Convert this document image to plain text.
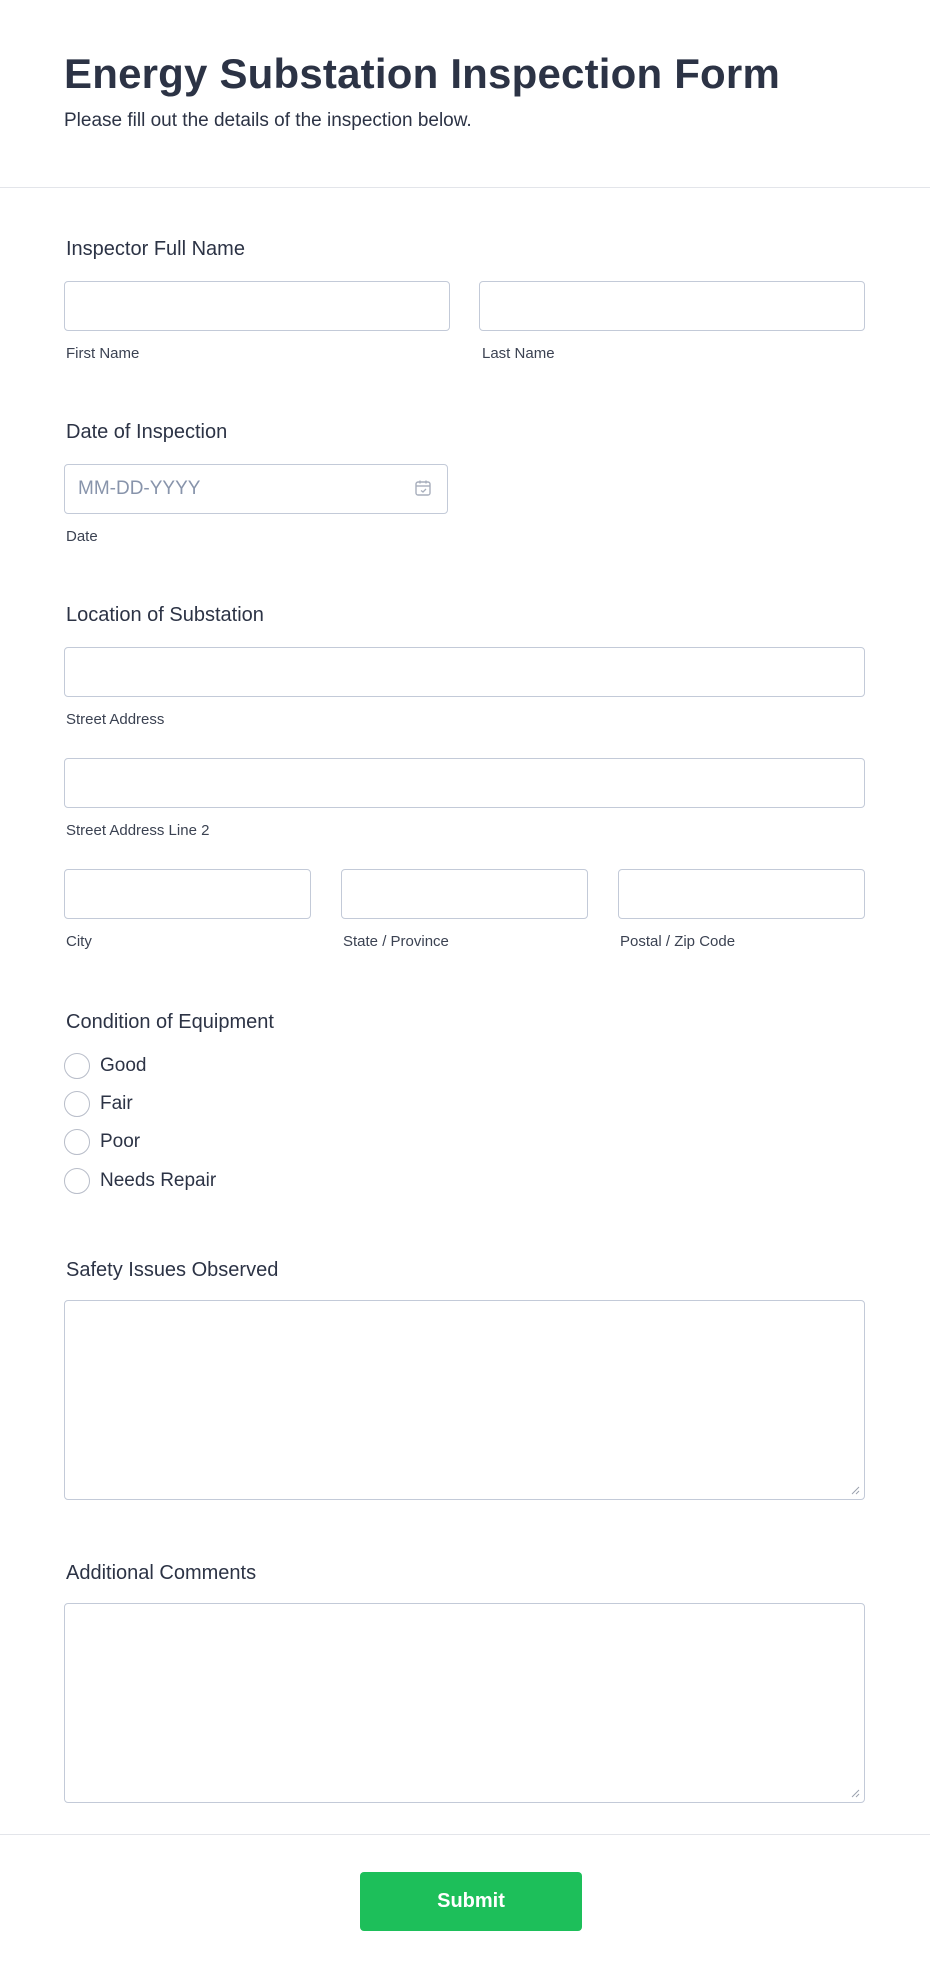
Energy Substation Inspection Form
Please fill out the details of the inspection below.
Inspector Full Name
First Name	Last Name
Date of Inspection
MM-DD-YYYY
Date
Location of Substation
Street Address
Street Address Line 2
City	State / Province	Postal / Zip Code
Condition of Equipment
Good
Fair
Poor
Needs Repair
Safety Issues Observed
Additional Comments
Submit
